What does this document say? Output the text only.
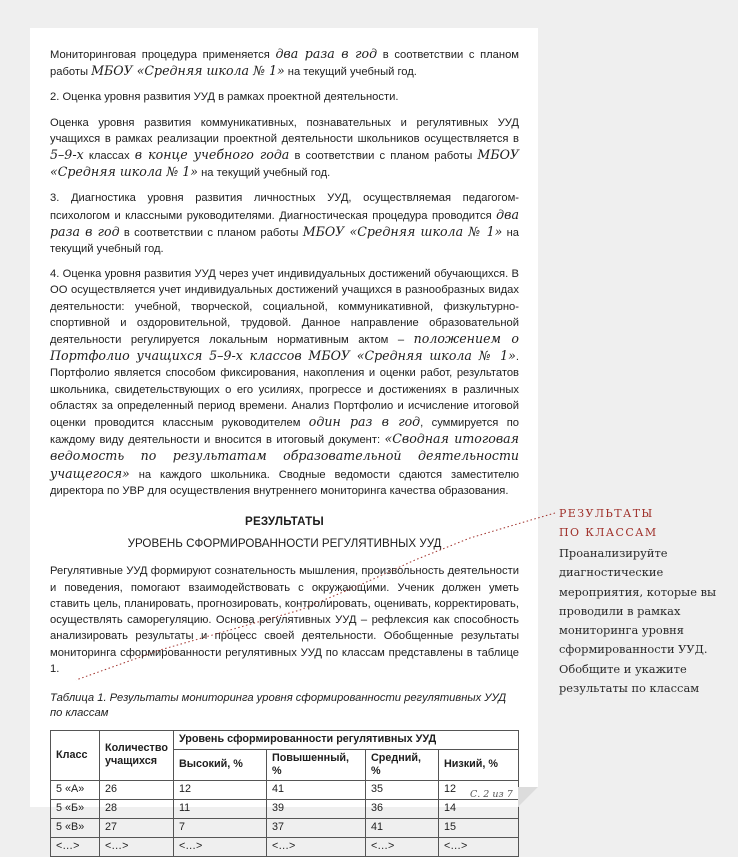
Мониторинговая процедура применяется два раза в год в соответствии с планом работы МБОУ «Средняя школа № 1» на текущий учебный год.

2. Оценка уровня развития УУД в рамках проектной деятельности.

Оценка уровня развития коммуникативных, познавательных и регулятивных УУД учащихся в рамках реализации проектной деятельности школьников осуществляется в 5–9-х классах в конце учебного года в соответствии с планом работы МБОУ «Средняя школа № 1» на текущий учебный год.

3. Диагностика уровня развития личностных УУД, осуществляемая педагогом-психологом и классными руководителями. Диагностическая процедура проводится два раза в год в соответствии с планом работы МБОУ «Средняя школа № 1» на текущий учебный год.

4. Оценка уровня развития УУД через учет индивидуальных достижений обучающихся. В ОО осуществляется учет индивидуальных достижений учащихся в разнообразных видах деятельности: учебной, творческой, социальной, коммуникативной, физкультурно-спортивной и оздоровительной, трудовой. Данное направление образовательной деятельности регулируется локальным нормативным актом – положением о Портфолио учащихся 5–9-х классов МБОУ «Средняя школа № 1». Портфолио является способом фиксирования, накопления и оценки работ, результатов школьника, свидетельствующих о его усилиях, прогрессе и достижениях в различных областях за определенный период времени. Анализ Портфолио и исчисление итоговой оценки проводится классным руководителем один раз в год, суммируется по каждому виду деятельности и вносится в итоговый документ: «Сводная итоговая ведомость по результатам образовательной деятельности учащегося» на каждого школьника. Сводные ведомости сдаются заместителю директора по УВР для осуществления внутреннего мониторинга качества образования.

РЕЗУЛЬТАТЫ
УРОВЕНЬ СФОРМИРОВАННОСТИ РЕГУЛЯТИВНЫХ УУД

Регулятивные УУД формируют сознательность мышления, произвольность деятельности и поведения, помогают взаимодействовать с окружающими. Ученик должен уметь ставить цель, планировать, прогнозировать, контролировать, оценивать, корректировать, осуществлять саморегуляцию. Основа регулятивных УУД – рефлексия как способность анализировать результаты и процесс своей деятельности. Обобщенные результаты мониторинга сформированности регулятивных УУД по классам представлены в таблице 1.

Таблица 1. Результаты мониторинга уровня сформированности регулятивных УУД по классам
Класс	Количество учащихся	Уровень сформированности регулятивных УУД			
		Высокий, %	Повышенный, %	Средний, %	Низкий, %
5 «А»	26	12	41	35	12
5 «Б»	28	11	39	36	14
5 «В»	27	7	37	41	15
<…>	<…>	<…>	<…>	<…>	<…>
С. 2 из 7
РЕЗУЛЬТАТЫ
ПО КЛАССАМ
Проанализируйте диагностические мероприятия, которые вы проводили в рамках мониторинга уровня сформированности УУД. Обобщите и укажите результаты по классам
